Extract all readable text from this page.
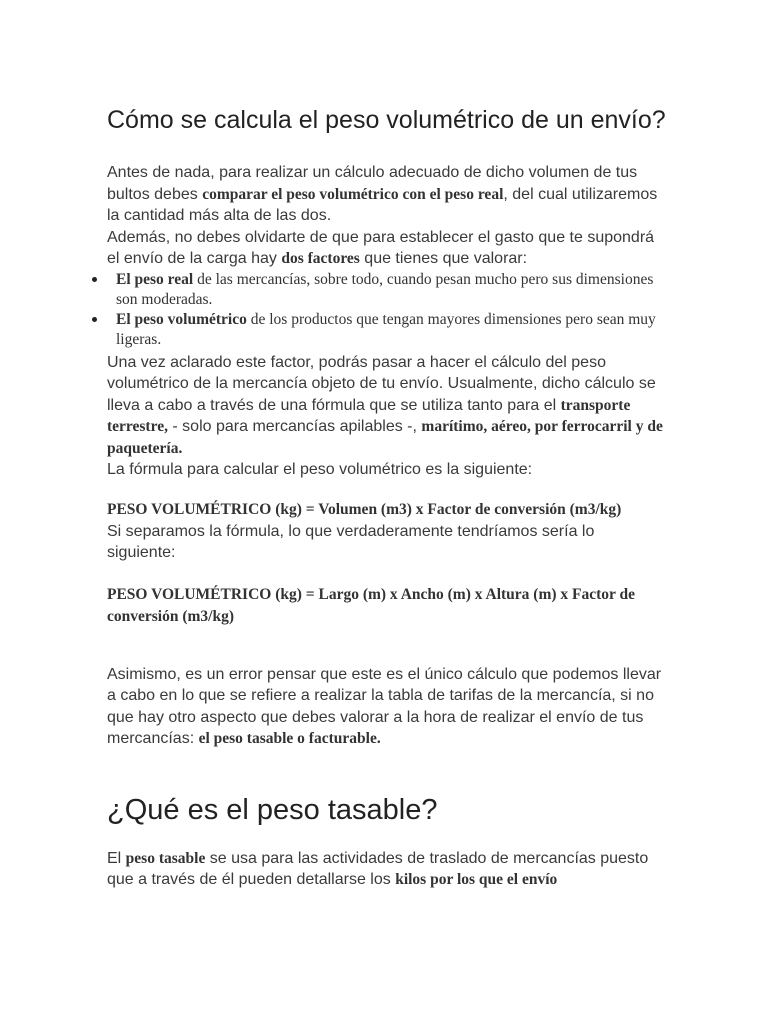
Cómo se calcula el peso volumétrico de un envío?

Antes de nada, para realizar un cálculo adecuado de dicho volumen de tus bultos debes comparar el peso volumétrico con el peso real, del cual utilizaremos la cantidad más alta de las dos.

Además, no debes olvidarte de que para establecer el gasto que te supondrá el envío de la carga hay dos factores que tienes que valorar:

El peso real de las mercancías, sobre todo, cuando pesan mucho pero sus dimensiones son moderadas.
El peso volumétrico de los productos que tengan mayores dimensiones pero sean muy ligeras.

Una vez aclarado este factor, podrás pasar a hacer el cálculo del peso volumétrico de la mercancía objeto de tu envío. Usualmente, dicho cálculo se lleva a cabo a través de una fórmula que se utiliza tanto para el transporte terrestre, - solo para mercancías apilables -, marítimo, aéreo, por ferrocarril y de paquetería.

La fórmula para calcular el peso volumétrico es la siguiente:

PESO VOLUMÉTRICO (kg) = Volumen (m3) x Factor de conversión (m3/kg)

Si separamos la fórmula, lo que verdaderamente tendríamos sería lo siguiente:

PESO VOLUMÉTRICO (kg) = Largo (m) x Ancho (m) x Altura (m) x Factor de conversión (m3/kg)

Asimismo, es un error pensar que este es el único cálculo que podemos llevar a cabo en lo que se refiere a realizar la tabla de tarifas de la mercancía, si no que hay otro aspecto que debes valorar a la hora de realizar el envío de tus mercancías: el peso tasable o facturable.

¿Qué es el peso tasable?

El peso tasable se usa para las actividades de traslado de mercancías puesto que a través de él pueden detallarse los kilos por los que el envío
